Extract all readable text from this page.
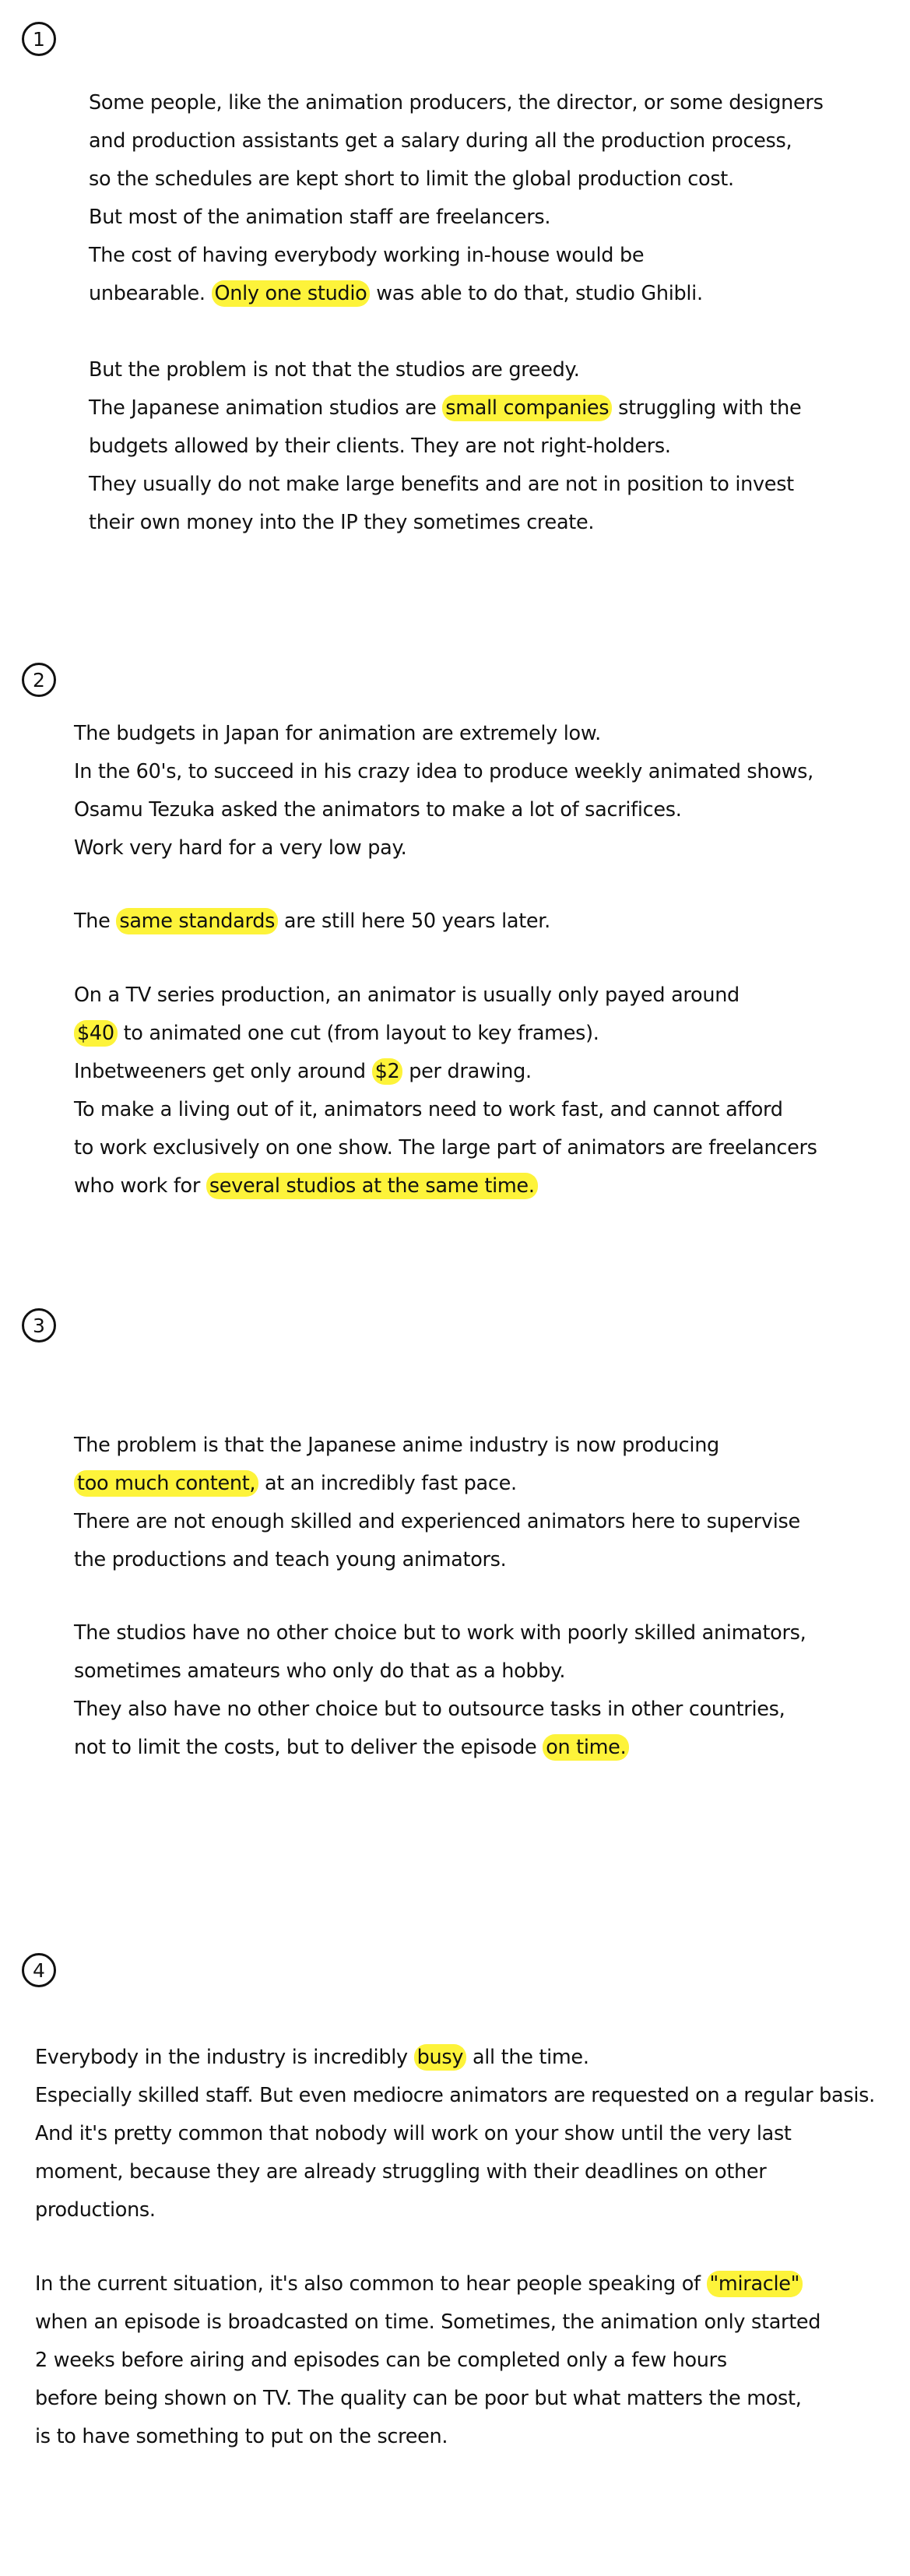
1
Some people, like the animation producers, the director, or some designers
and production assistants get a salary during all the production process,
so the schedules are kept short to limit the global production cost.
But most of the animation staff are freelancers.
The cost of having everybody working in-house would be
unbearable. Only one studio was able to do that, studio Ghibli.
But the problem is not that the studios are greedy.
The Japanese animation studios are small companies struggling with the
budgets allowed by their clients. They are not right-holders.
They usually do not make large benefits and are not in position to invest
their own money into the IP they sometimes create.
2
The budgets in Japan for animation are extremely low.
In the 60's, to succeed in his crazy idea to produce weekly animated shows,
Osamu Tezuka asked the animators to make a lot of sacrifices.
Work very hard for a very low pay.
The same standards are still here 50 years later.
On a TV series production, an animator is usually only payed around
$40 to animated one cut (from layout to key frames).
Inbetweeners get only around $2 per drawing.
To make a living out of it, animators need to work fast, and cannot afford
to work exclusively on one show. The large part of animators are freelancers
who work for several studios at the same time.
3
The problem is that the Japanese anime industry is now producing
too much content, at an incredibly fast pace.
There are not enough skilled and experienced animators here to supervise
the productions and teach young animators.
The studios have no other choice but to work with poorly skilled animators,
sometimes amateurs who only do that as a hobby.
They also have no other choice but to outsource tasks in other countries,
not to limit the costs, but to deliver the episode on time.
4
Everybody in the industry is incredibly busy all the time.
Especially skilled staff. But even mediocre animators are requested on a regular basis.
And it's pretty common that nobody will work on your show until the very last
moment, because they are already struggling with their deadlines on other
productions.
In the current situation, it's also common to hear people speaking of "miracle"
when an episode is broadcasted on time. Sometimes, the animation only started
2 weeks before airing and episodes can be completed only a few hours
before being shown on TV. The quality can be poor but what matters the most,
is to have something to put on the screen.
